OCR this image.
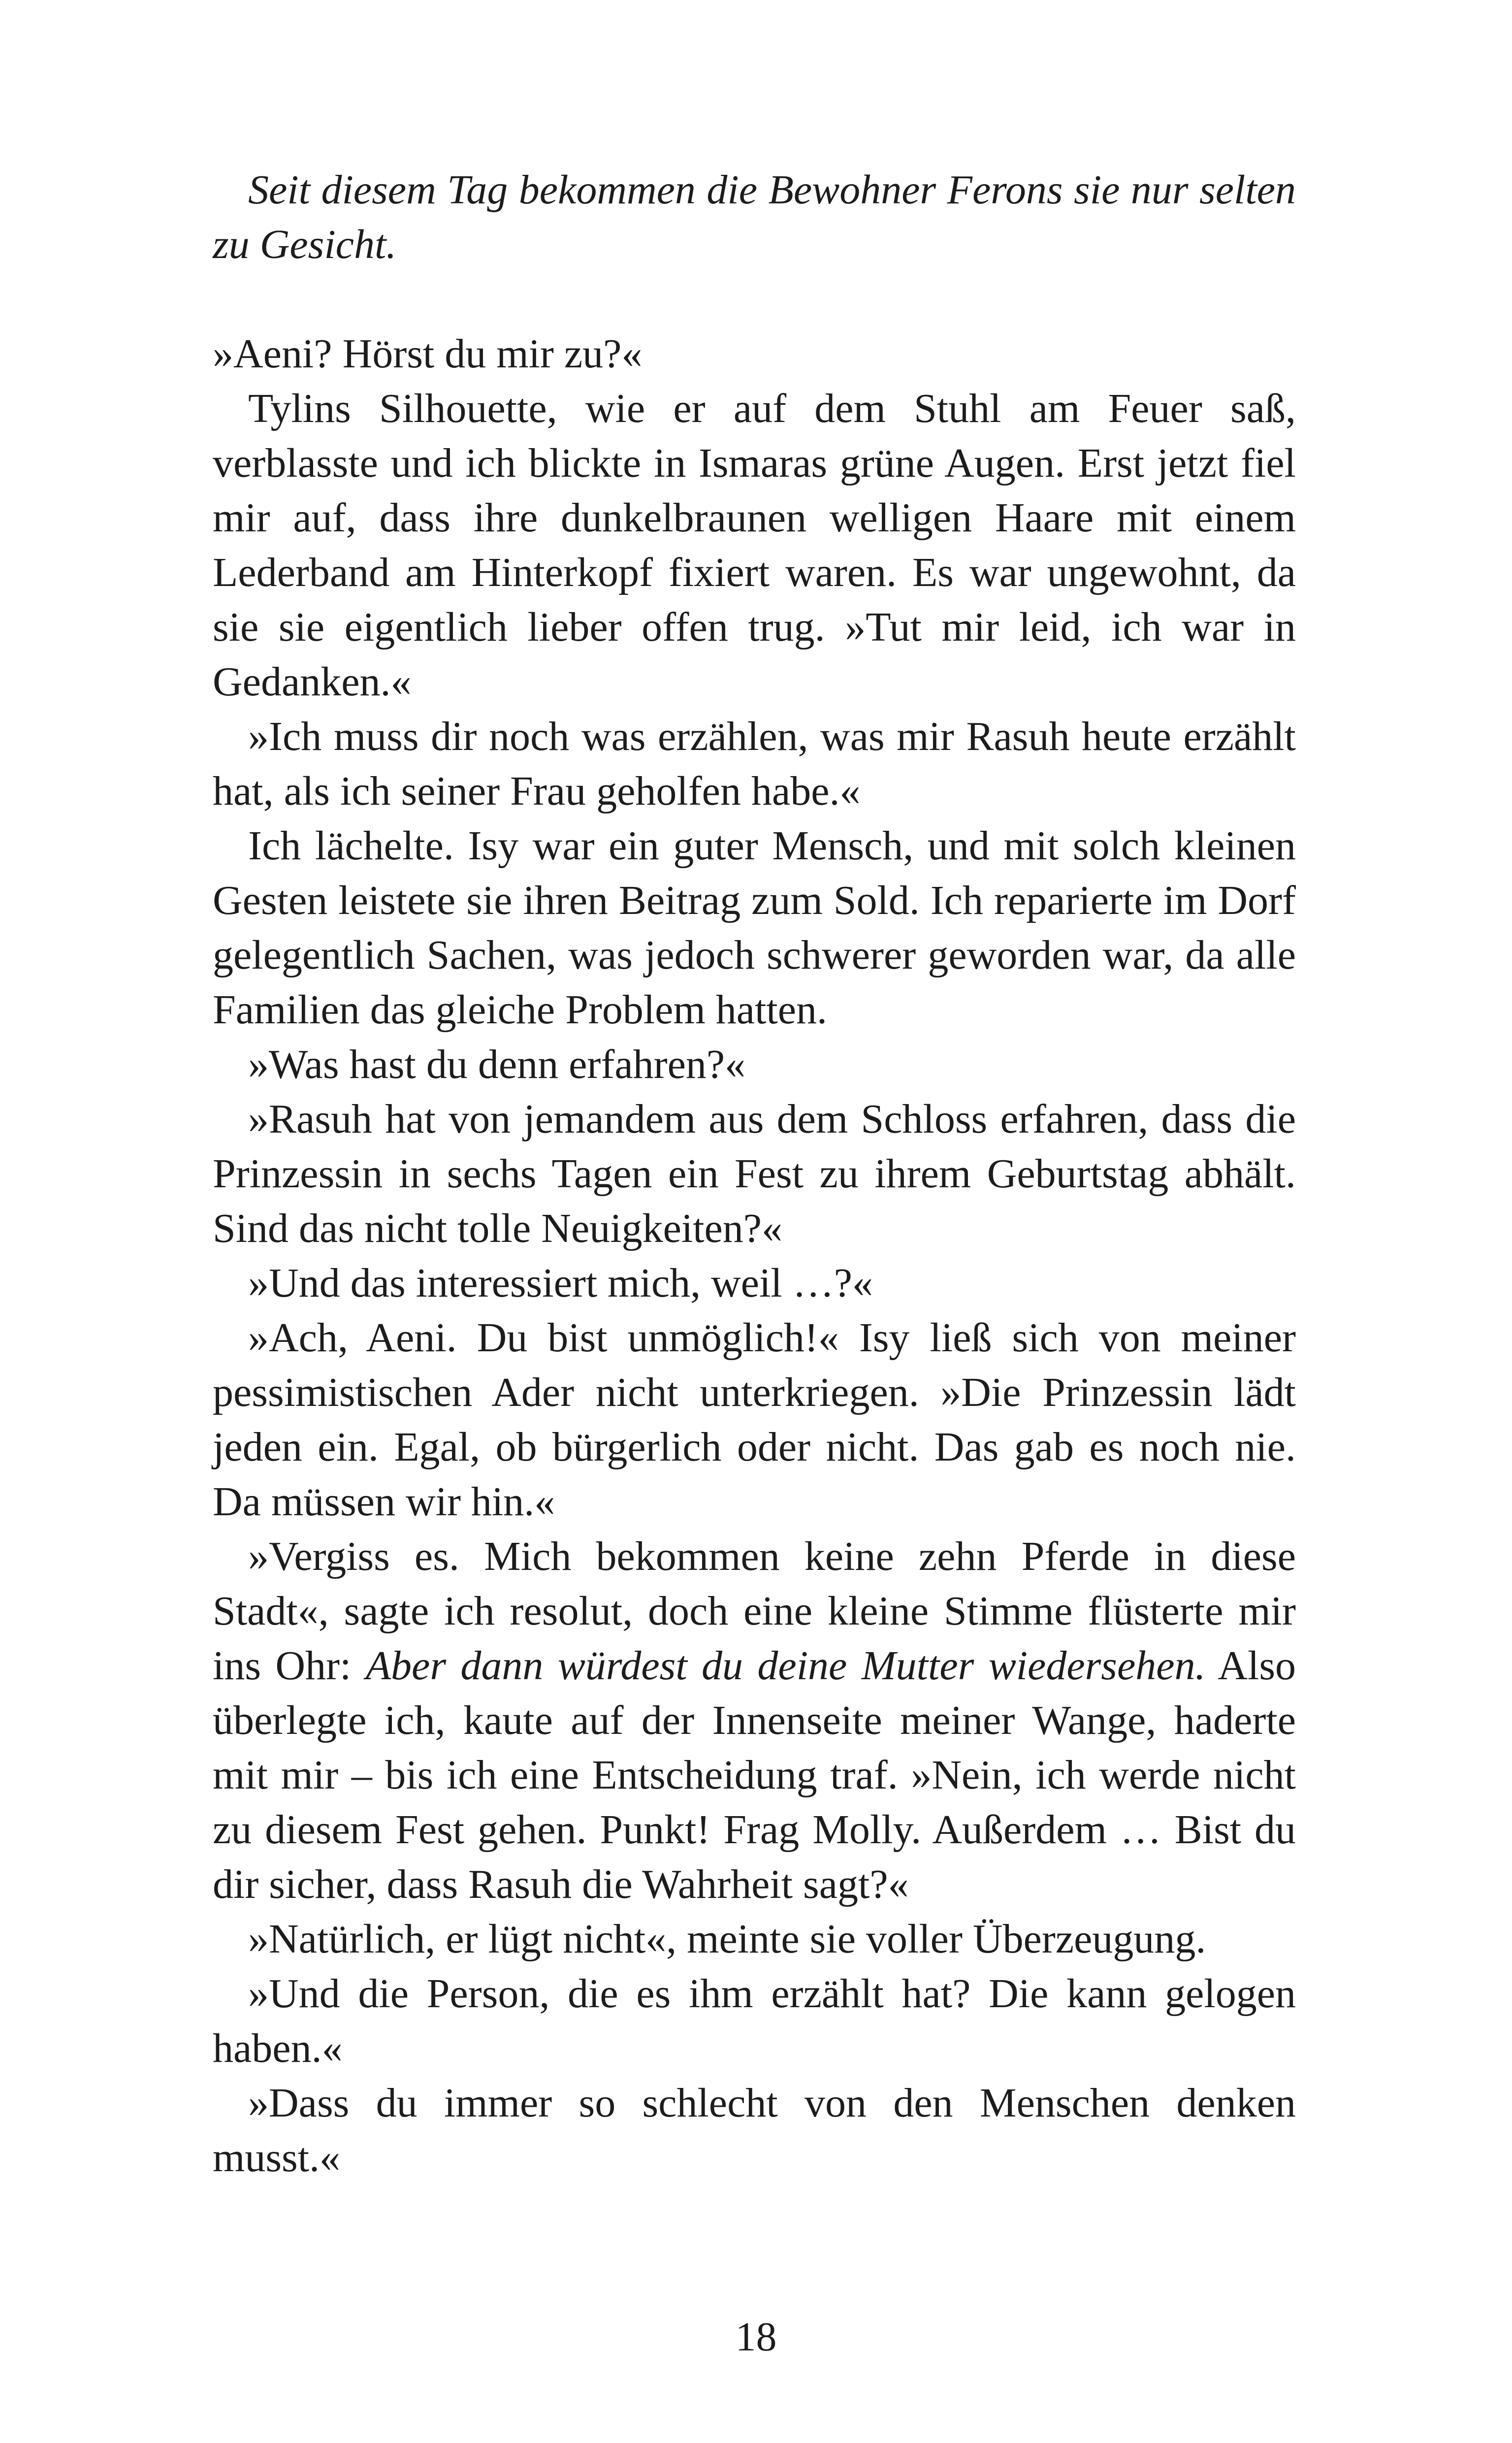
Seit diesem Tag bekommen die Bewohner Ferons sie nur selten zu Gesicht.

»Aeni? Hörst du mir zu?«

Tylins Silhouette, wie er auf dem Stuhl am Feuer saß, verblasste und ich blickte in Ismaras grüne Augen. Erst jetzt fiel mir auf, dass ihre dunkelbraunen welligen Haare mit einem Lederband am Hinterkopf fixiert waren. Es war ungewohnt, da sie sie eigentlich lieber offen trug. »Tut mir leid, ich war in Gedanken.«

»Ich muss dir noch was erzählen, was mir Rasuh heute erzählt hat, als ich seiner Frau geholfen habe.«

Ich lächelte. Isy war ein guter Mensch, und mit solch kleinen Gesten leistete sie ihren Beitrag zum Sold. Ich reparierte im Dorf gelegentlich Sachen, was jedoch schwerer geworden war, da alle Familien das gleiche Problem hatten.

»Was hast du denn erfahren?«

»Rasuh hat von jemandem aus dem Schloss erfahren, dass die Prinzessin in sechs Tagen ein Fest zu ihrem Geburtstag abhält. Sind das nicht tolle Neuigkeiten?«

»Und das interessiert mich, weil …?«

»Ach, Aeni. Du bist unmöglich!« Isy ließ sich von meiner pessimistischen Ader nicht unterkriegen. »Die Prinzessin lädt jeden ein. Egal, ob bürgerlich oder nicht. Das gab es noch nie. Da müssen wir hin.«

»Vergiss es. Mich bekommen keine zehn Pferde in diese Stadt«, sagte ich resolut, doch eine kleine Stimme flüsterte mir ins Ohr: Aber dann würdest du deine Mutter wiedersehen. Also überlegte ich, kaute auf der Innenseite meiner Wange, haderte mit mir – bis ich eine Entscheidung traf. »Nein, ich werde nicht zu diesem Fest gehen. Punkt! Frag Molly. Außerdem … Bist du dir sicher, dass Rasuh die Wahrheit sagt?«

»Natürlich, er lügt nicht«, meinte sie voller Überzeugung.

»Und die Person, die es ihm erzählt hat? Die kann gelogen haben.«

»Dass du immer so schlecht von den Menschen denken musst.«

18
